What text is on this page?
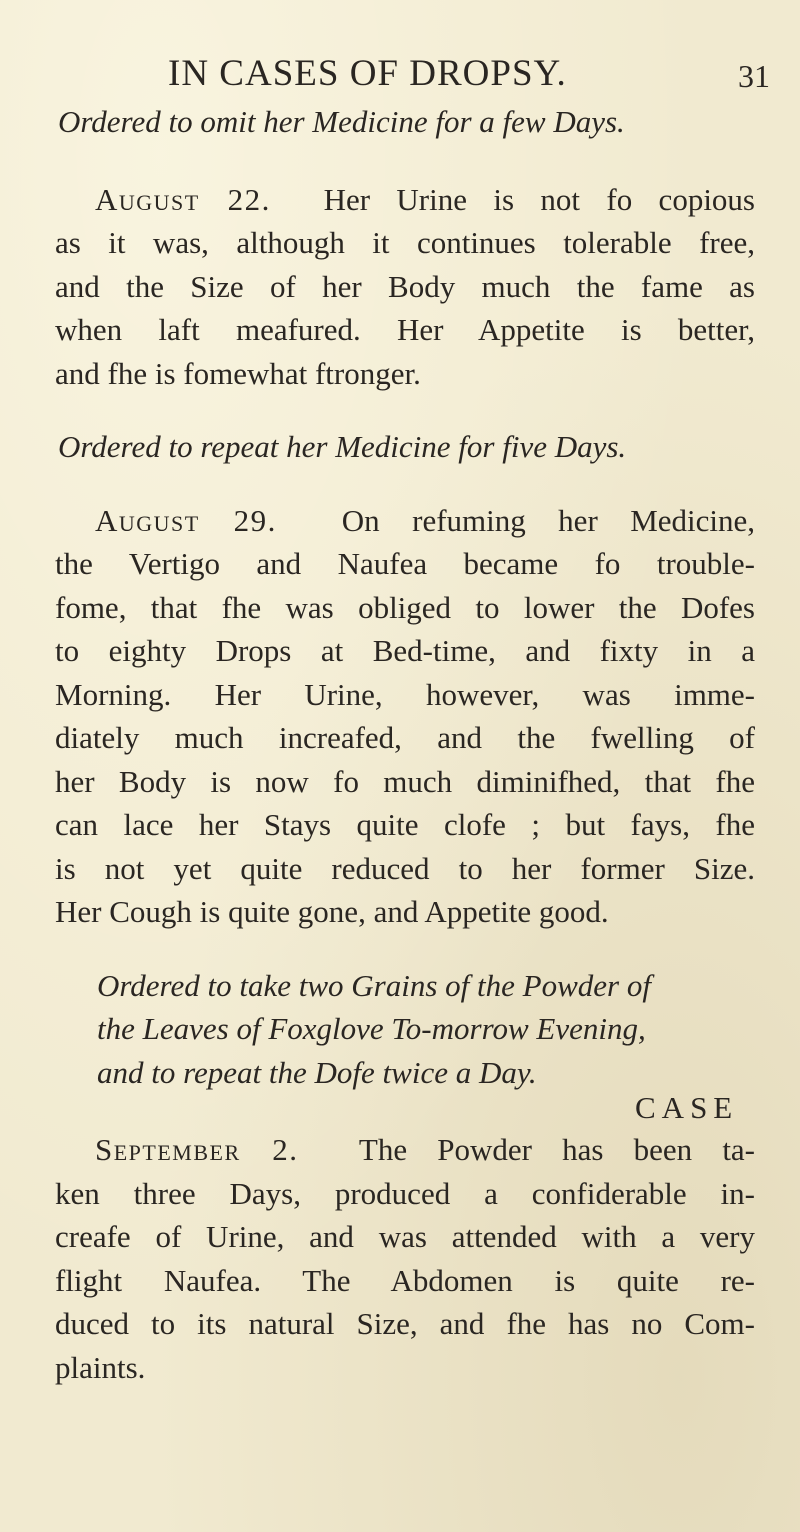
IN CASES OF DROPSY.	31

Ordered to omit her Medicine for a few Days.

August 22. Her Urine is not fo copious
as it was, although it continues tolerable free,
and the Size of her Body much the fame as
when laft meafured. Her Appetite is better,
and fhe is fomewhat ftronger.

Ordered to repeat her Medicine for five Days.

August 29. On refuming her Medicine,
the Vertigo and Naufea became fo trouble-
fome, that fhe was obliged to lower the Dofes
to eighty Drops at Bed-time, and fixty in a
Morning. Her Urine, however, was imme-
diately much increafed, and the fwelling of
her Body is now fo much diminifhed, that fhe
can lace her Stays quite clofe ; but fays, fhe
is not yet quite reduced to her former Size.
Her Cough is quite gone, and Appetite good.

Ordered to take two Grains of the Powder of
the Leaves of Foxglove To-morrow Evening,
and to repeat the Dofe twice a Day.

September 2. The Powder has been ta-
ken three Days, produced a confiderable in-
creafe of Urine, and was attended with a very
flight Naufea. The Abdomen is quite re-
duced to its natural Size, and fhe has no Com-
plaints.

CASE
